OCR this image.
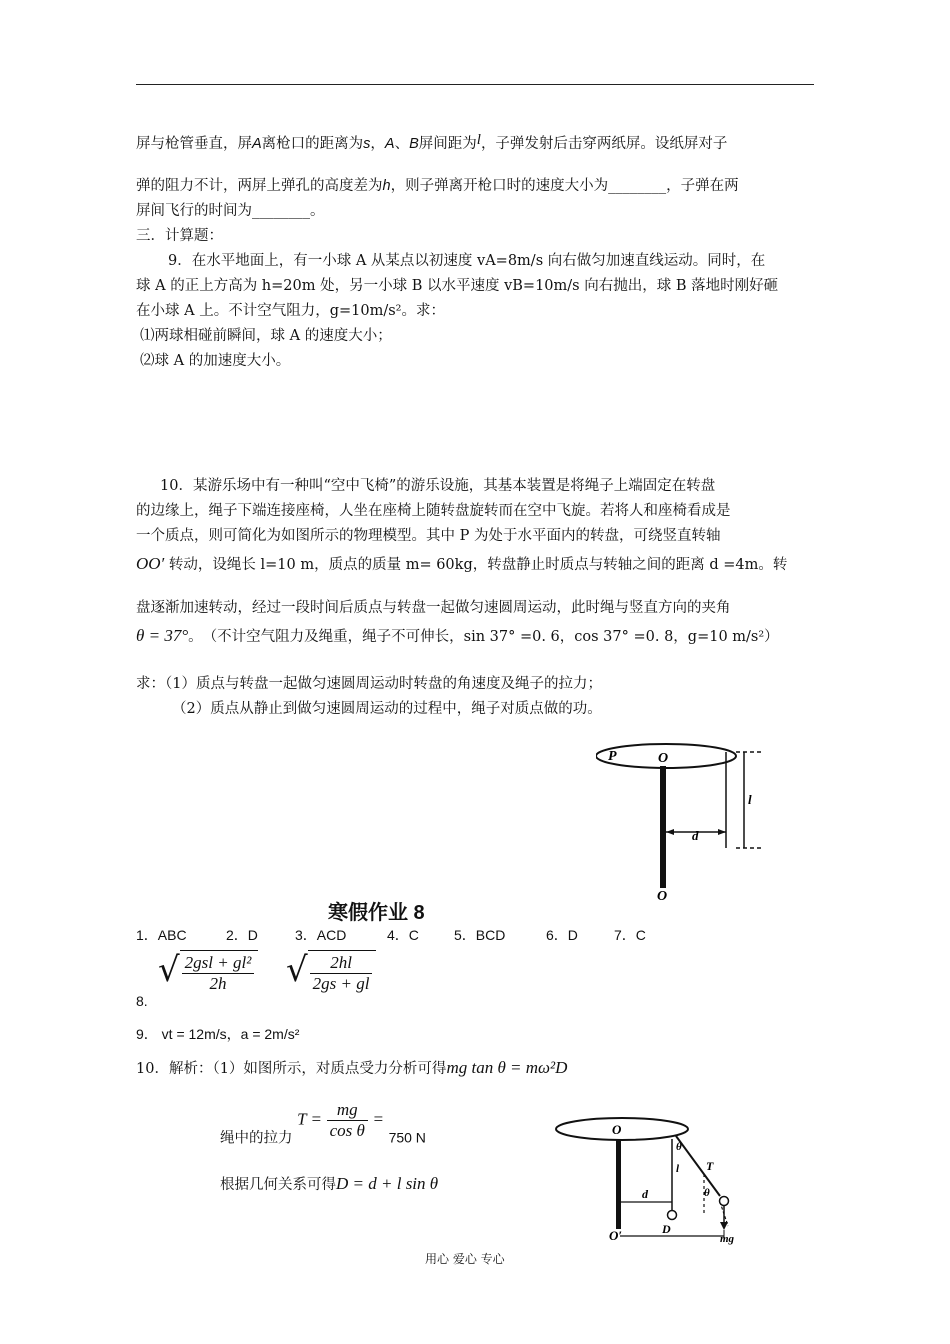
屏与枪管垂直，屏A离枪口的距离为s，A、B屏间距为l，子弹发射后击穿两纸屏。设纸屏对子
弹的阻力不计，两屏上弹孔的高度差为h，则子弹离开枪口时的速度大小为________，子弹在两
屏间飞行的时间为________。
三．计算题：
9．在水平地面上，有一小球 A 从某点以初速度 vA=8m/s 向右做匀加速直线运动。同时，在
球 A 的正上方高为 h=20m 处，另一小球 B 以水平速度 vB=10m/s 向右抛出，球 B 落地时刚好砸
在小球 A 上。不计空气阻力，g=10m/s²。求：
⑴两球相碰前瞬间，球 A 的速度大小；
⑵球 A 的加速度大小。
10．某游乐场中有一种叫“空中飞椅”的游乐设施，其基本装置是将绳子上端固定在转盘
的边缘上，绳子下端连接座椅，人坐在座椅上随转盘旋转而在空中飞旋。若将人和座椅看成是
一个质点，则可简化为如图所示的物理模型。其中 P 为处于水平面内的转盘，可绕竖直转轴
OO′ 转动，设绳长 l=10 m，质点的质量 m= 60kg，转盘静止时质点与转轴之间的距离 d =4m。转
盘逐渐加速转动，经过一段时间后质点与转盘一起做匀速圆周运动，此时绳与竖直方向的夹角
θ = 37°。　（不计空气阻力及绳重，绳子不可伸长，sin 37° =0. 6，cos 37° =0. 8，g=10 m/s²）
求：（1）质点与转盘一起做匀速圆周运动时转盘的角速度及绳子的拉力；
（2）质点从静止到做匀速圆周运动的过程中，绳子对质点做的功。
P	O
O
l
d
寒假作业 8
1．ABC	2．D	3．ACD	4．C	5．BCD	6．D	7．C
8.
√ $\frac{\text{2gsl + gl²}}{2h}$ √ $\frac{2hl}{2gs + gl}$
9． vt = 12m/s，a = 2m/s²
10．解析：（1）如图所示，对质点受力分析可得mg tan θ = mω²D
绳中的拉力 $T = \frac{mg}{\text{cos θ}} = 750$ N
根据几何关系可得D = d + l sin θ
O
O′
θ
l T
θ
d
D
mg
用心 爱心 专心
